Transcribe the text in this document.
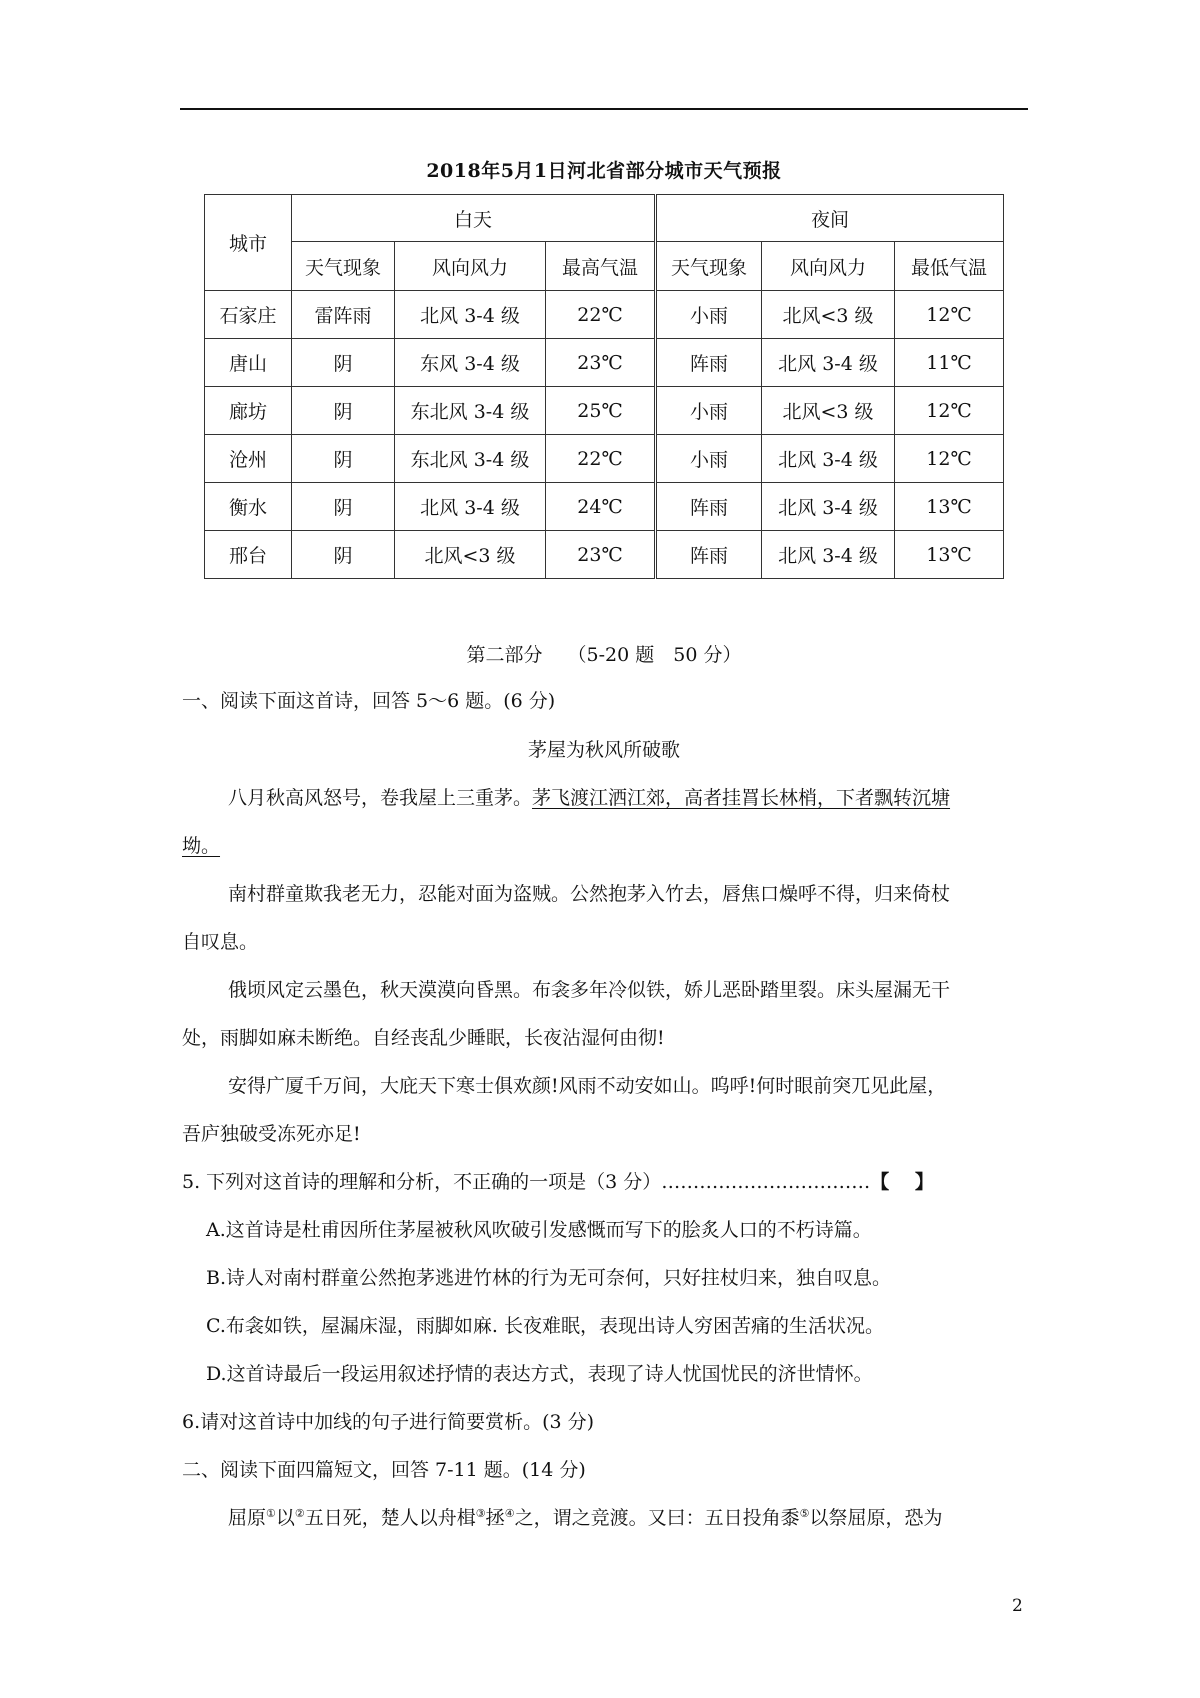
2018年5月1日河北省部分城市天气预报
城市	白天			夜间		
	天气现象	风向风力	最高气温	天气现象	风向风力	最低气温
石家庄	雷阵雨	北风 3-4 级	22℃	小雨	北风<3 级	12℃
唐山	阴	东风 3-4 级	23℃	阵雨	北风 3-4 级	11℃
廊坊	阴	东北风 3-4 级	25℃	小雨	北风<3 级	12℃
沧州	阴	东北风 3-4 级	22℃	小雨	北风 3-4 级	12℃
衡水	阴	北风 3-4 级	24℃	阵雨	北风 3-4 级	13℃
邢台	阴	北风<3 级	23℃	阵雨	北风 3-4 级	13℃
第二部分　 （5-20 题　50 分）
一、阅读下面这首诗，回答 5～6 题。(6 分)
茅屋为秋风所破歌
八月秋高风怒号，卷我屋上三重茅。茅飞渡江洒江郊，高者挂罥长林梢，下者飘转沉塘
坳。
南村群童欺我老无力，忍能对面为盗贼。公然抱茅入竹去，唇焦口燥呼不得，归来倚杖
自叹息。
俄顷风定云墨色，秋天漠漠向昏黑。布衾多年冷似铁，娇儿恶卧踏里裂。床头屋漏无干
处，雨脚如麻未断绝。自经丧乱少睡眠，长夜沾湿何由彻!
安得广厦千万间，大庇天下寒士俱欢颜!风雨不动安如山。呜呼!何时眼前突兀见此屋，
吾庐独破受冻死亦足!
5. 下列对这首诗的理解和分析，不正确的一项是（3 分）……………………………【　 】
A.这首诗是杜甫因所住茅屋被秋风吹破引发感慨而写下的脍炙人口的不朽诗篇。
B.诗人对南村群童公然抱茅逃进竹林的行为无可奈何，只好拄杖归来，独自叹息。
C.布衾如铁，屋漏床湿，雨脚如麻. 长夜难眠，表现出诗人穷困苦痛的生活状况。
D.这首诗最后一段运用叙述抒情的表达方式，表现了诗人忧国忧民的济世情怀。
6.请对这首诗中加线的句子进行简要赏析。(3 分)
二、阅读下面四篇短文，回答 7-11 题。(14 分)
屈原①以②五日死，楚人以舟楫③拯④之，谓之竞渡。又曰：五日投角黍⑤以祭屈原，恐为
2
